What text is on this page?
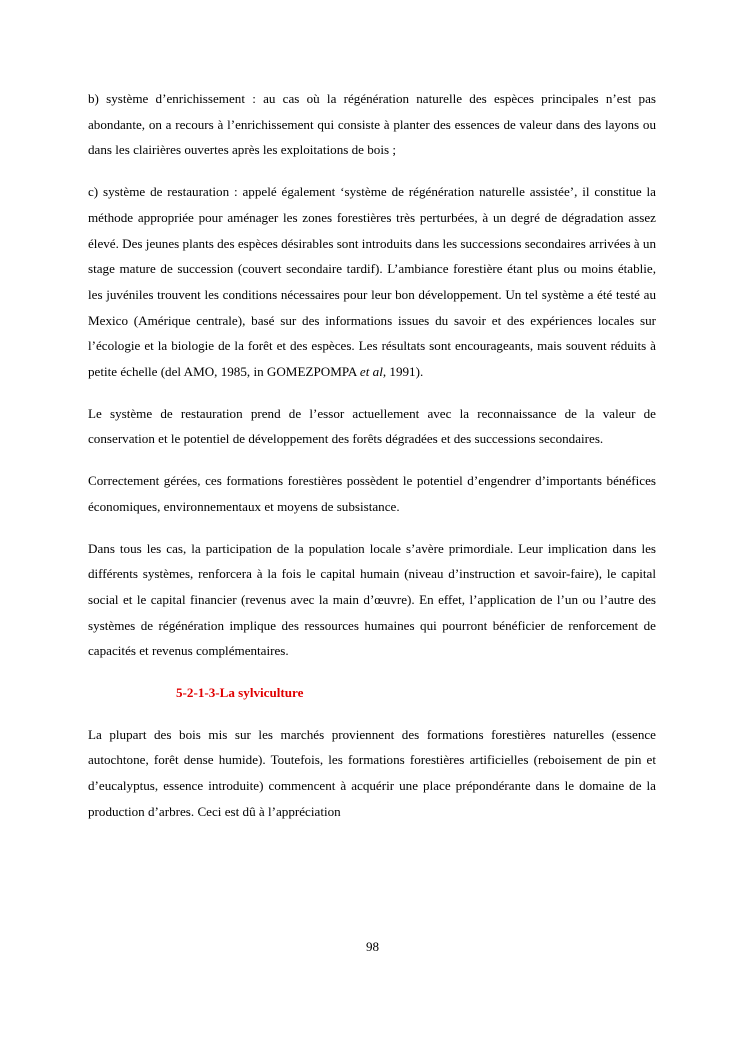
b) système d’enrichissement : au cas où la régénération naturelle des espèces principales n’est pas abondante, on a recours à l’enrichissement qui consiste à planter des essences de valeur dans des layons ou dans les clairières ouvertes après les exploitations de bois ;

c) système de restauration : appelé également ‘système de régénération naturelle assistée’, il constitue la méthode appropriée pour aménager les zones forestières très perturbées, à un degré de dégradation assez élevé. Des jeunes plants des espèces désirables sont introduits dans les successions secondaires arrivées à un stage mature de succession (couvert secondaire tardif). L’ambiance forestière étant plus ou moins établie, les juvéniles trouvent les conditions nécessaires pour leur bon développement. Un tel système a été testé au Mexico (Amérique centrale), basé sur des informations issues du savoir et des expériences locales sur l’écologie et la biologie de la forêt et des espèces. Les résultats sont encourageants, mais souvent réduits à petite échelle (del AMO, 1985, in GOMEZPOMPA et al, 1991).

Le système de restauration prend de l’essor actuellement avec la reconnaissance de la valeur de conservation et le potentiel de développement des forêts dégradées et des successions secondaires.

Correctement gérées, ces formations forestières possèdent le potentiel d’engendrer d’importants bénéfices économiques, environnementaux et moyens de subsistance.

Dans tous les cas, la participation de la population locale s’avère primordiale. Leur implication dans les différents systèmes, renforcera à la fois le capital humain (niveau d’instruction et savoir-faire), le capital social et le capital financier (revenus avec la main d’œuvre). En effet, l’application de l’un ou l’autre des systèmes de régénération implique des ressources humaines qui pourront bénéficier de renforcement de capacités et revenus complémentaires.

5-2-1-3-La sylviculture

La plupart des bois mis sur les marchés proviennent des formations forestières naturelles (essence autochtone, forêt dense humide). Toutefois, les formations forestières artificielles (reboisement de pin et d’eucalyptus, essence introduite) commencent à acquérir une place prépondérante dans le domaine de la production d’arbres. Ceci est dû à l’appréciation

98
